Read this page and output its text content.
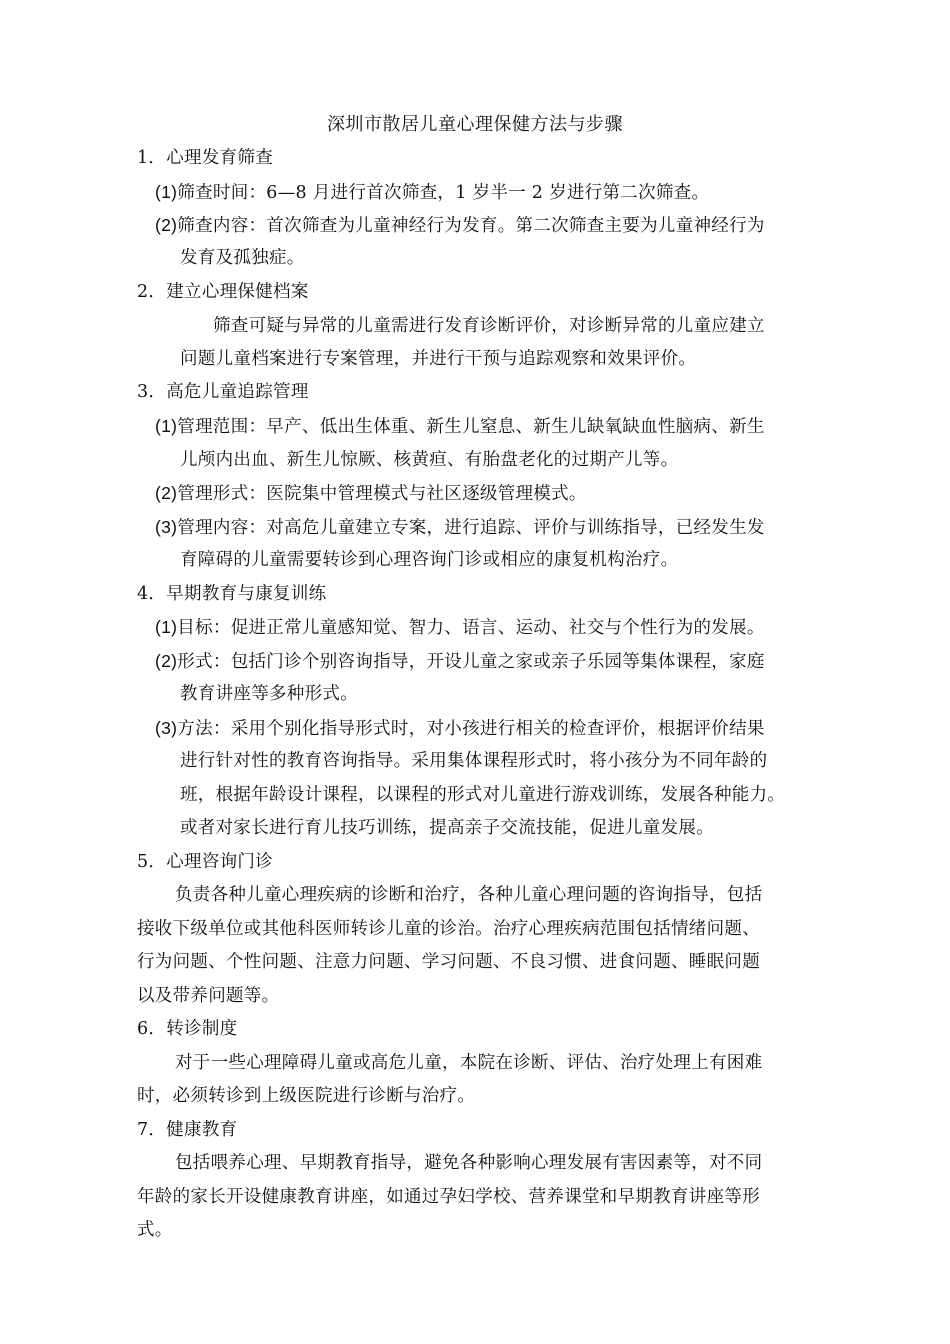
深圳市散居儿童心理保健方法与步骤
1．心理发育筛查
(1)筛查时间：6—8 月进行首次筛查，1 岁半一 2 岁进行第二次筛查。
(2)筛查内容：首次筛查为儿童神经行为发育。第二次筛查主要为儿童神经行为
发育及孤独症。
2．建立心理保健档案
筛查可疑与异常的儿童需进行发育诊断评价，对诊断异常的儿童应建立
问题儿童档案进行专案管理，并进行干预与追踪观察和效果评价。
3．高危儿童追踪管理
(1)管理范围：早产、低出生体重、新生儿窒息、新生儿缺氧缺血性脑病、新生
儿颅内出血、新生儿惊厥、核黄疸、有胎盘老化的过期产儿等。
(2)管理形式：医院集中管理模式与社区逐级管理模式。
(3)管理内容：对高危儿童建立专案，进行追踪、评价与训练指导，已经发生发
育障碍的儿童需要转诊到心理咨询门诊或相应的康复机构治疗。
4．早期教育与康复训练
(1)目标：促进正常儿童感知觉、智力、语言、运动、社交与个性行为的发展。
(2)形式：包括门诊个别咨询指导，开设儿童之家或亲子乐园等集体课程，家庭
教育讲座等多种形式。
(3)方法：采用个别化指导形式时，对小孩进行相关的检查评价，根据评价结果
进行针对性的教育咨询指导。采用集体课程形式时，将小孩分为不同年龄的
班，根据年龄设计课程，以课程的形式对儿童进行游戏训练，发展各种能力。
或者对家长进行育儿技巧训练，提高亲子交流技能，促进儿童发展。
5．心理咨询门诊
负责各种儿童心理疾病的诊断和治疗，各种儿童心理问题的咨询指导，包括
接收下级单位或其他科医师转诊儿童的诊治。治疗心理疾病范围包括情绪问题、
行为问题、个性问题、注意力问题、学习问题、不良习惯、进食问题、睡眠问题
以及带养问题等。
6．转诊制度
对于一些心理障碍儿童或高危儿童，本院在诊断、评估、治疗处理上有困难
时，必须转诊到上级医院进行诊断与治疗。
7．健康教育
包括喂养心理、早期教育指导，避免各种影响心理发展有害因素等，对不同
年龄的家长开设健康教育讲座，如通过孕妇学校、营养课堂和早期教育讲座等形
式。
